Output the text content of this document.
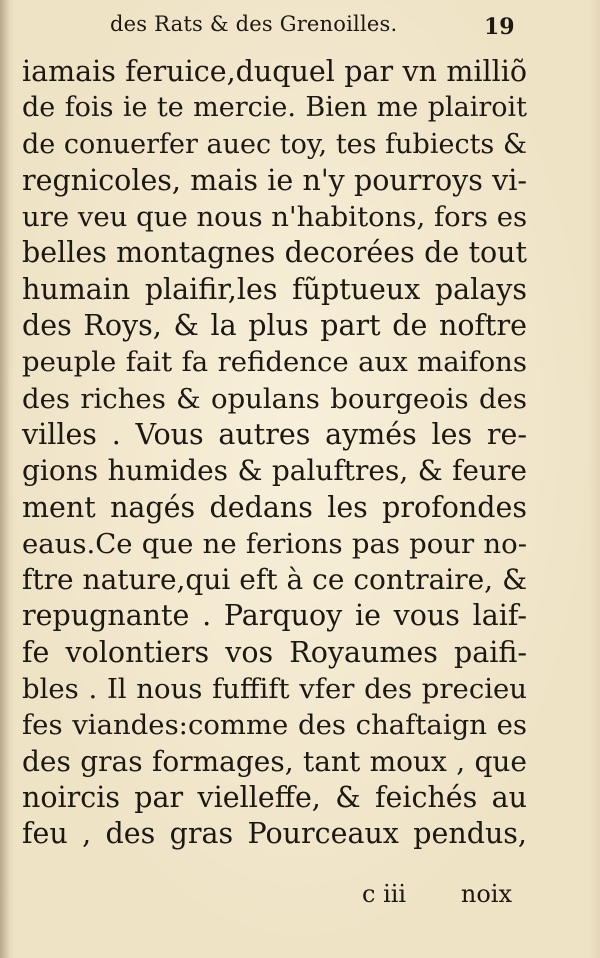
des Rats & des Grenoilles.	19
iamais feruice,duquel par vn milliõ
de fois ie te mercie. Bien me plairoit
de conuerfer auec toy, tes fubiects &
regnicoles, mais ie n'y pourroys vi-
ure veu que nous n'habitons, fors es
belles montagnes decorées de tout
humain plaifir,les fũptueux palays
des Roys, & la plus part de noftre
peuple fait fa refidence aux maifons
des riches & opulans bourgeois des
villes . Vous autres aymés les re-
gions humides & paluftres, & feure
ment nagés dedans les profondes
eaus.Ce que ne ferions pas pour no-
ftre nature,qui eft à ce contraire, &
repugnante . Parquoy ie vous laif-
fe volontiers vos Royaumes paifi-
bles . Il nous fuffift vfer des precieu
fes viandes:comme des chaftaign es
des gras formages, tant moux , que
noircis par vielleffe, & feichés au
feu , des gras Pourceaux pendus,
c iii noix
